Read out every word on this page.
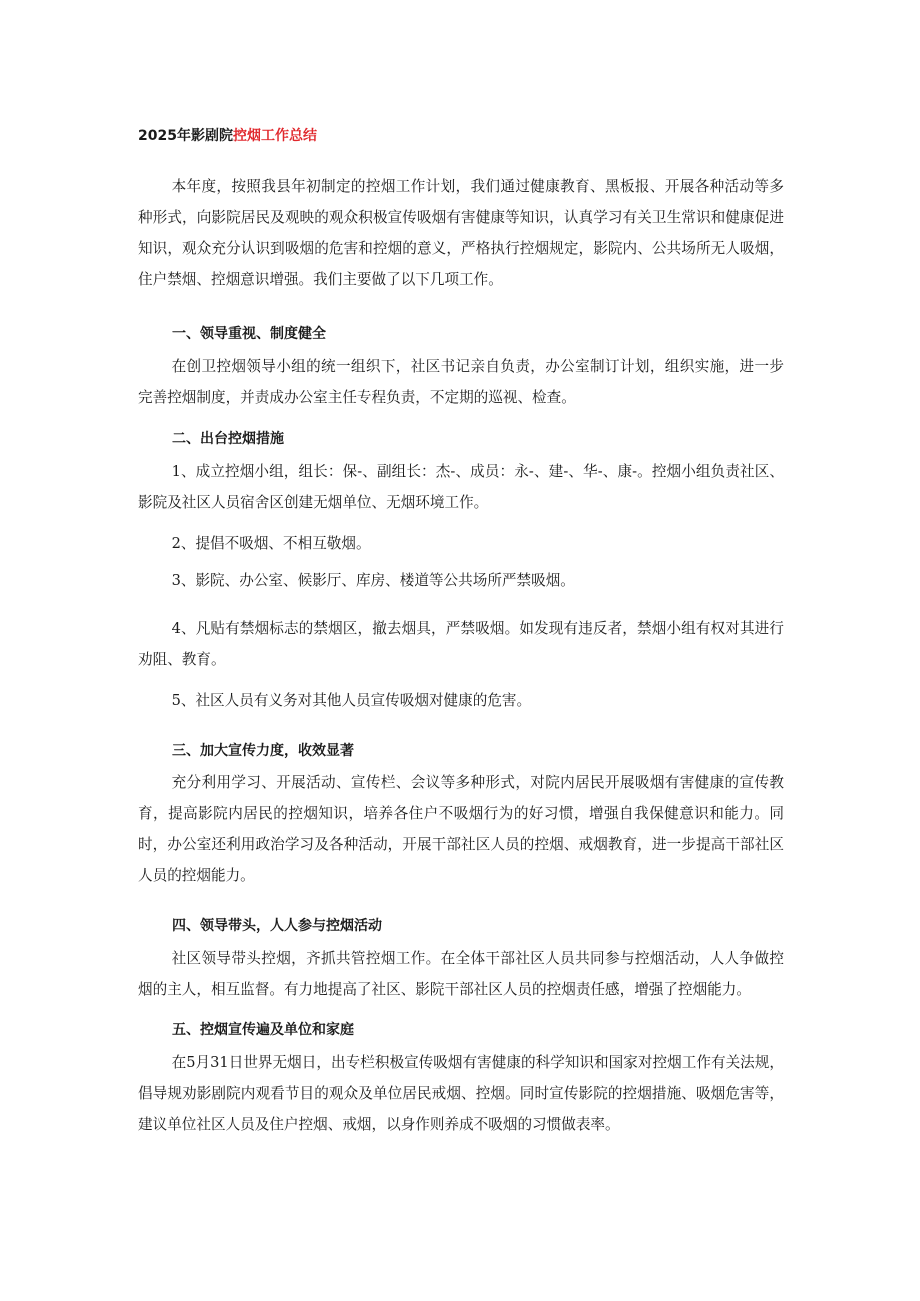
2025年影剧院控烟工作总结

本年度，按照我县年初制定的控烟工作计划，我们通过健康教育、黑板报、开展各种活动等多种形式，向影院居民及观映的观众积极宣传吸烟有害健康等知识，认真学习有关卫生常识和健康促进知识，观众充分认识到吸烟的危害和控烟的意义，严格执行控烟规定，影院内、公共场所无人吸烟，住户禁烟、控烟意识增强。我们主要做了以下几项工作。

一、领导重视、制度健全

在创卫控烟领导小组的统一组织下，社区书记亲自负责，办公室制订计划，组织实施，进一步完善控烟制度，并责成办公室主任专程负责，不定期的巡视、检查。

二、出台控烟措施

1、成立控烟小组，组长：保-、副组长：杰-、成员：永-、建-、华-、康-。控烟小组负责社区、影院及社区人员宿舍区创建无烟单位、无烟环境工作。

2、提倡不吸烟、不相互敬烟。

3、影院、办公室、候影厅、库房、楼道等公共场所严禁吸烟。

4、凡贴有禁烟标志的禁烟区，撤去烟具，严禁吸烟。如发现有违反者，禁烟小组有权对其进行劝阻、教育。

5、社区人员有义务对其他人员宣传吸烟对健康的危害。

三、加大宣传力度，收效显著

充分利用学习、开展活动、宣传栏、会议等多种形式，对院内居民开展吸烟有害健康的宣传教育，提高影院内居民的控烟知识，培养各住户不吸烟行为的好习惯，增强自我保健意识和能力。同时，办公室还利用政治学习及各种活动，开展干部社区人员的控烟、戒烟教育，进一步提高干部社区人员的控烟能力。

四、领导带头，人人参与控烟活动

社区领导带头控烟，齐抓共管控烟工作。在全体干部社区人员共同参与控烟活动，人人争做控烟的主人，相互监督。有力地提高了社区、影院干部社区人员的控烟责任感，增强了控烟能力。

五、控烟宣传遍及单位和家庭

在5月31日世界无烟日，出专栏积极宣传吸烟有害健康的科学知识和国家对控烟工作有关法规，倡导规劝影剧院内观看节目的观众及单位居民戒烟、控烟。同时宣传影院的控烟措施、吸烟危害等，建议单位社区人员及住户控烟、戒烟，以身作则养成不吸烟的习惯做表率。
